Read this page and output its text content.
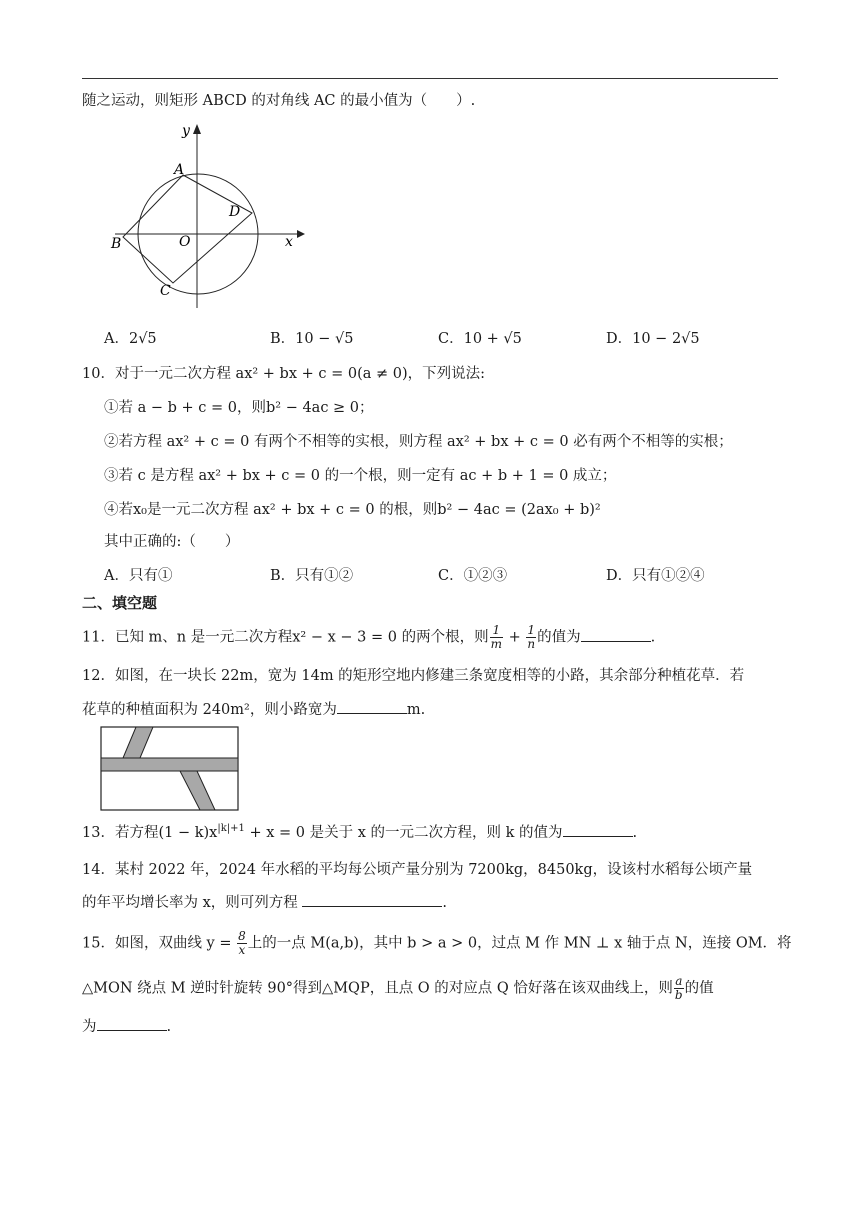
随之运动，则矩形 ABCD 的对角线 AC 的最小值为（　　）.
y
x
A
B
C
D
O
A．2√5	B．10 − √5	C．10 + √5	D．10 − 2√5
10．对于一元二次方程 ax² + bx + c = 0(a ≠ 0)，下列说法:
①若 a − b + c = 0，则b² − 4ac ≥ 0；
②若方程 ax² + c = 0 有两个不相等的实根，则方程 ax² + bx + c = 0 必有两个不相等的实根；
③若 c 是方程 ax² + bx + c = 0 的一个根，则一定有 ac + b + 1 = 0 成立；
④若x₀是一元二次方程 ax² + bx + c = 0 的根，则b² − 4ac = (2ax₀ + b)²
其中正确的:（　　）
A．只有①	B．只有①②	C．①②③	D．只有①②④
二、填空题
11．已知 m、n 是一元二次方程x² − x − 3 = 0 的两个根，则 $\frac{1}{m} + \frac{1}{n}$ 的值为	.
12．如图，在一块长 22m，宽为 14m 的矩形空地内修建三条宽度相等的小路，其余部分种植花草．若
花草的种植面积为 240m²，则小路宽为	m.
13．若方程$(1 - k)x^{|k|+1} + x = 0$ 是关于 x 的一元二次方程，则 k 的值为	.
14．某村 2022 年，2024 年水稻的平均每公顷产量分别为 7200kg，8450kg，设该村水稻每公顷产量
的年平均增长率为 x，则可列方程	.
15．如图，双曲线 $y = \frac{8}{x}$ 上的一点 M(a,b)，其中 b > a > 0，过点 M 作 MN ⊥ x 轴于点 N，连接 OM．将
△MON 绕点 M 逆时针旋转 90°得到△MQP，且点 O 的对应点 Q 恰好落在该双曲线上，则 $\frac{a}{b}$ 的值
为	.
